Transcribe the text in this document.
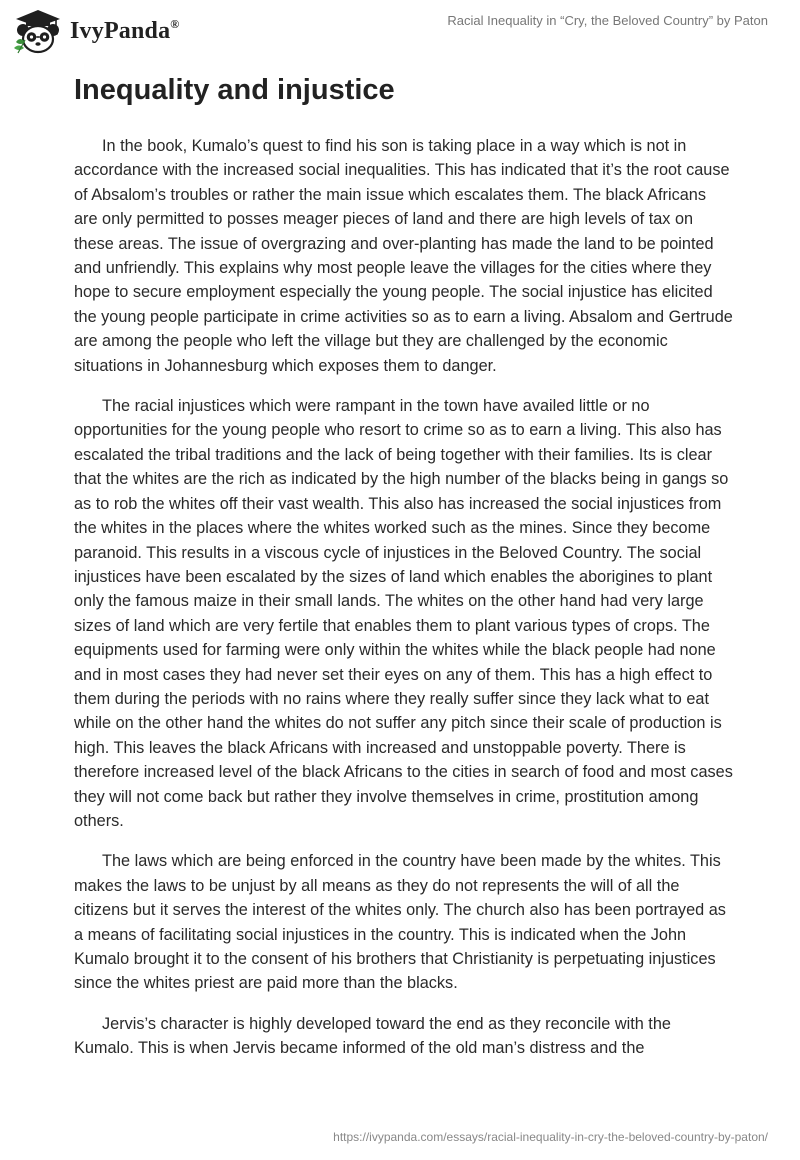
IvyPanda®	Racial Inequality in “Cry, the Beloved Country” by Paton
Inequality and injustice

In the book, Kumalo’s quest to find his son is taking place in a way which is not in accordance with the increased social inequalities. This has indicated that it’s the root cause of Absalom’s troubles or rather the main issue which escalates them. The black Africans are only permitted to posses meager pieces of land and there are high levels of tax on these areas. The issue of overgrazing and over-planting has made the land to be pointed and unfriendly. This explains why most people leave the villages for the cities where they hope to secure employment especially the young people. The social injustice has elicited the young people participate in crime activities so as to earn a living. Absalom and Gertrude are among the people who left the village but they are challenged by the economic situations in Johannesburg which exposes them to danger.

The racial injustices which were rampant in the town have availed little or no opportunities for the young people who resort to crime so as to earn a living. This also has escalated the tribal traditions and the lack of being together with their families. Its is clear that the whites are the rich as indicated by the high number of the blacks being in gangs so as to rob the whites off their vast wealth. This also has increased the social injustices from the whites in the places where the whites worked such as the mines. Since they become paranoid. This results in a viscous cycle of injustices in the Beloved Country. The social injustices have been escalated by the sizes of land which enables the aborigines to plant only the famous maize in their small lands. The whites on the other hand had very large sizes of land which are very fertile that enables them to plant various types of crops. The equipments used for farming were only within the whites while the black people had none and in most cases they had never set their eyes on any of them. This has a high effect to them during the periods with no rains where they really suffer since they lack what to eat while on the other hand the whites do not suffer any pitch since their scale of production is high. This leaves the black Africans with increased and unstoppable poverty. There is therefore increased level of the black Africans to the cities in search of food and most cases they will not come back but rather they involve themselves in crime, prostitution among others.

The laws which are being enforced in the country have been made by the whites. This makes the laws to be unjust by all means as they do not represents the will of all the citizens but it serves the interest of the whites only. The church also has been portrayed as a means of facilitating social injustices in the country. This is indicated when the John Kumalo brought it to the consent of his brothers that Christianity is perpetuating injustices since the whites priest are paid more than the blacks.

Jervis’s character is highly developed toward the end as they reconcile with the Kumalo. This is when Jervis became informed of the old man’s distress and the

https://ivypanda.com/essays/racial-inequality-in-cry-the-beloved-country-by-paton/
